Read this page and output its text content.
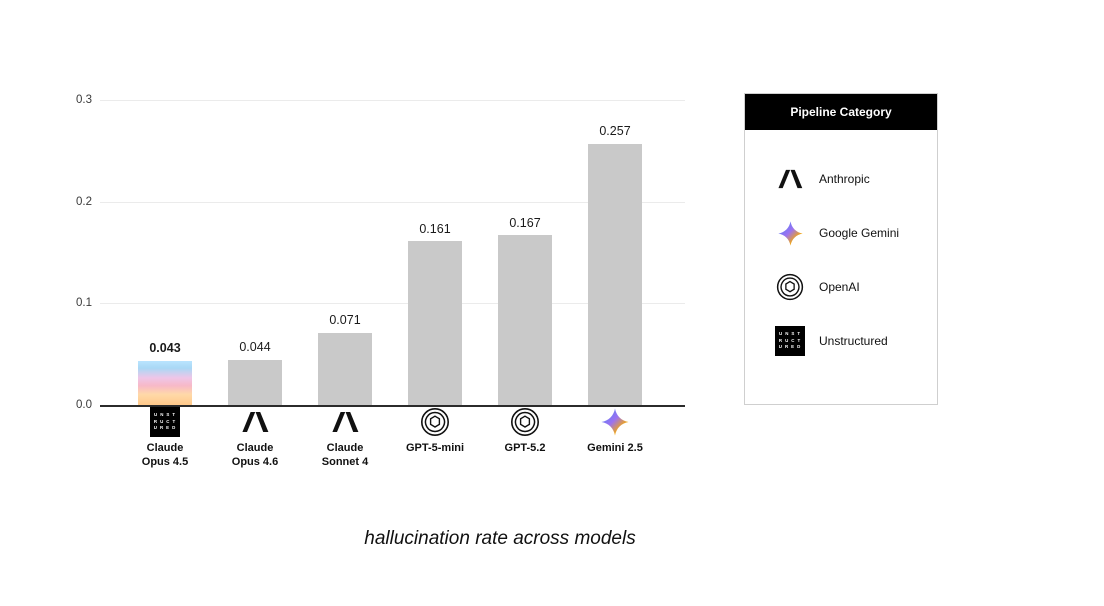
0.3
0.2
0.1
0.0
0.043	0.044
0.071
0.161	0.167
0.257
U N S T
R U C T
U R E D
Claude
Opus 4.5
Claude
Opus 4.6
Claude
Sonnet 4
GPT-5-mini	GPT-5.2	Gemini 2.5
Pipeline Category
Anthropic
Google Gemini
OpenAI
U N S T
R U C T
U R E D Unstructured
hallucination rate across models
